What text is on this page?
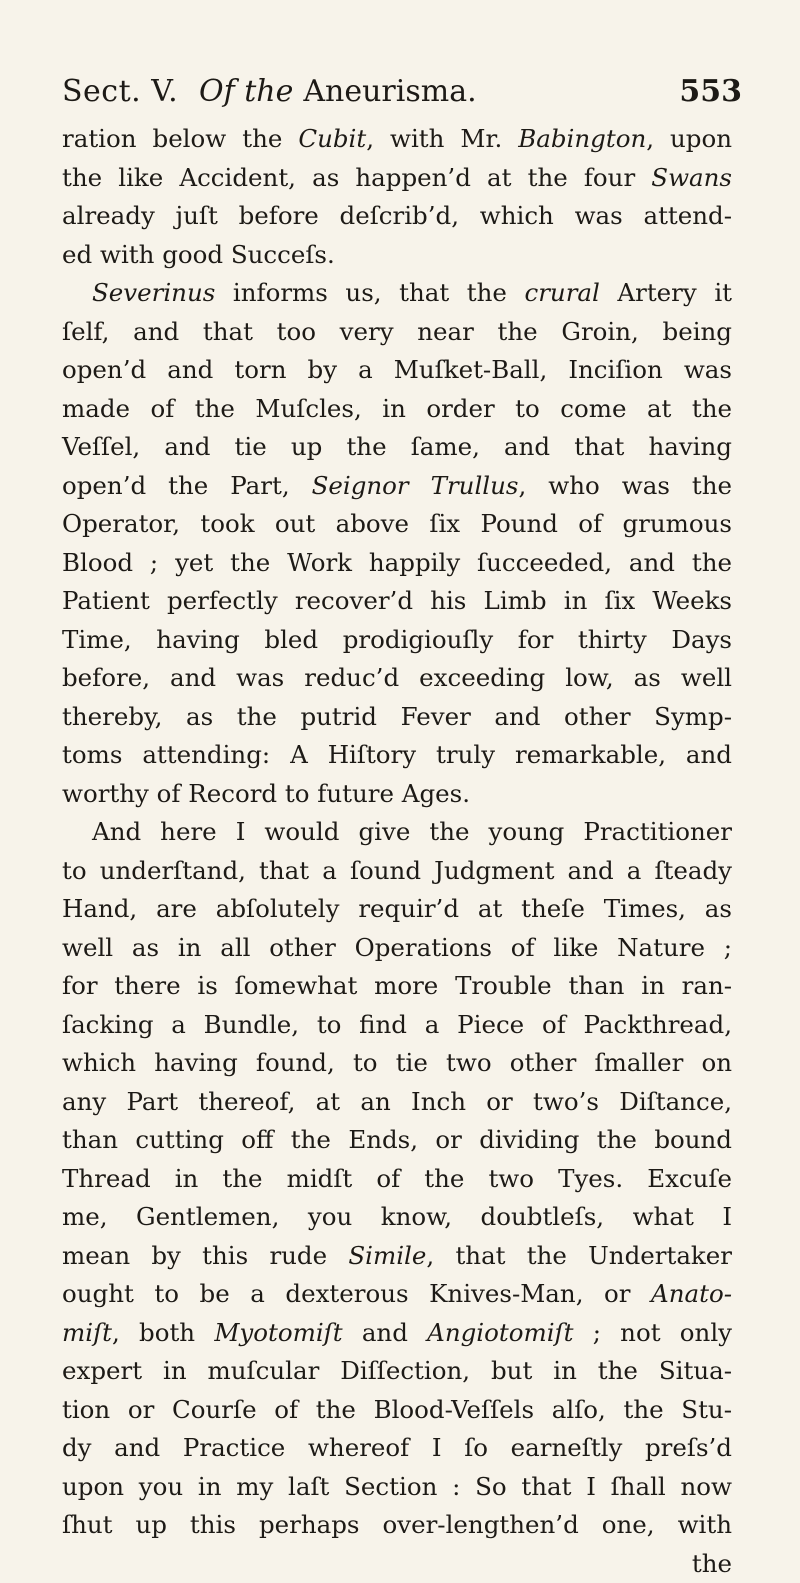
Sect. V. Of the Aneurisma.	553
ration below the Cubit, with Mr. Babington, upon
the like Accident, as happen’d at the four Swans
already juſt before deſcrib’d, which was attend-
ed with good Succeſs.
Severinus informs us, that the crural Artery it
ſelf, and that too very near the Groin, being
open’d and torn by a Muſket-Ball, Inciſion was
made of the Muſcles, in order to come at the
Veſſel, and tie up the ſame, and that having
open’d the Part, Seignor Trullus, who was the
Operator, took out above ſix Pound of grumous
Blood ; yet the Work happily ſucceeded, and the
Patient perfectly recover’d his Limb in ſix Weeks
Time, having bled prodigiouſly for thirty Days
before, and was reduc’d exceeding low, as well
thereby, as the putrid Fever and other Symp-
toms attending: A Hiſtory truly remarkable, and
worthy of Record to future Ages.
And here I would give the young Practitioner
to underſtand, that a ſound Judgment and a ſteady
Hand, are abſolutely requir’d at theſe Times, as
well as in all other Operations of like Nature ;
for there is ſomewhat more Trouble than in ran-
ſacking a Bundle, to find a Piece of Packthread,
which having found, to tie two other ſmaller on
any Part thereof, at an Inch or two’s Diſtance,
than cutting off the Ends, or dividing the bound
Thread in the midſt of the two Tyes. Excuſe
me, Gentlemen, you know, doubtleſs, what I
mean by this rude Simile, that the Undertaker
ought to be a dexterous Knives-Man, or Anato-
miſt, both Myotomiſt and Angiotomiſt ; not only
expert in muſcular Diſſection, but in the Situa-
tion or Courſe of the Blood-Veſſels alſo, the Stu-
dy and Practice whereof I ſo earneſtly preſs’d
upon you in my laſt Section : So that I ſhall now
ſhut up this perhaps over-lengthen’d one, with
the
